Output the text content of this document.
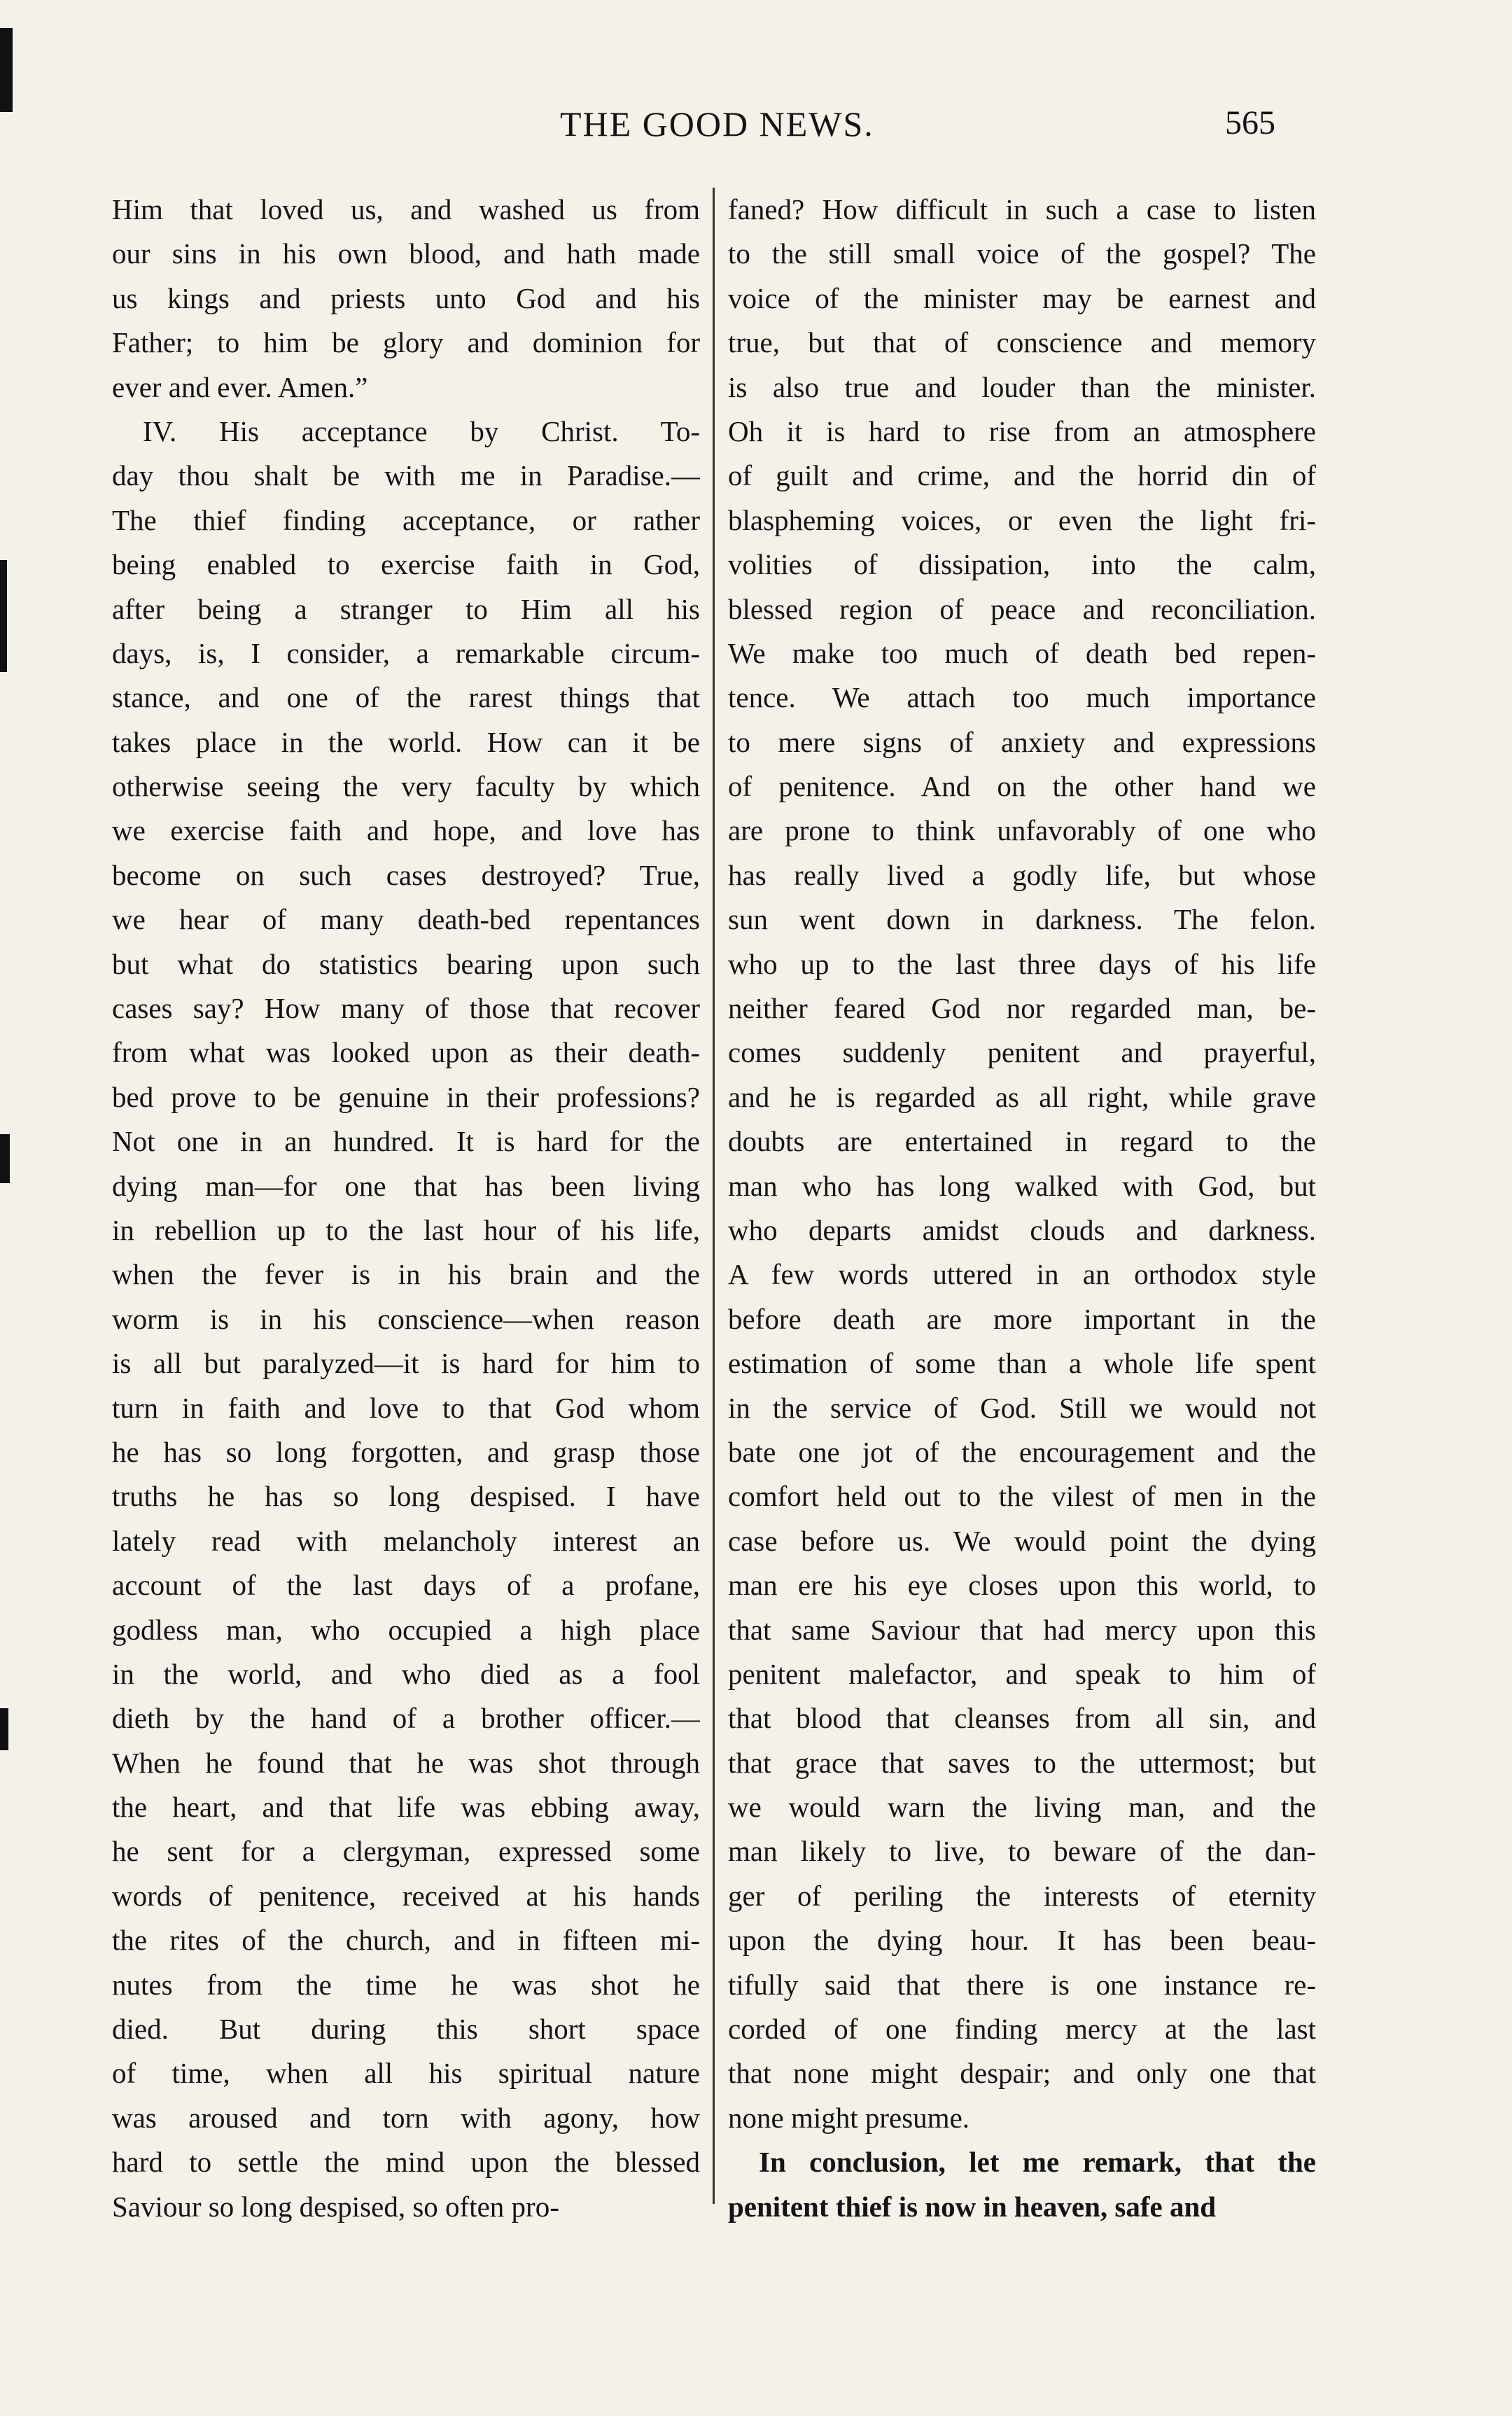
THE GOOD NEWS.	565
Him that loved us, and washed us from
our sins in his own blood, and hath made
us kings and priests unto God and his
Father; to him be glory and dominion for
ever and ever. Amen.”
IV. His acceptance by Christ. To-
day thou shalt be with me in Paradise.—
The thief finding acceptance, or rather
being enabled to exercise faith in God,
after being a stranger to Him all his
days, is, I consider, a remarkable circum-
stance, and one of the rarest things that
takes place in the world. How can it be
otherwise seeing the very faculty by which
we exercise faith and hope, and love has
become on such cases destroyed? True,
we hear of many death-bed repentances
but what do statistics bearing upon such
cases say? How many of those that recover
from what was looked upon as their death-
bed prove to be genuine in their professions?
Not one in an hundred. It is hard for the
dying man—for one that has been living
in rebellion up to the last hour of his life,
when the fever is in his brain and the
worm is in his conscience—when reason
is all but paralyzed—it is hard for him to
turn in faith and love to that God whom
he has so long forgotten, and grasp those
truths he has so long despised. I have
lately read with melancholy interest an
account of the last days of a profane,
godless man, who occupied a high place
in the world, and who died as a fool
dieth by the hand of a brother officer.—
When he found that he was shot through
the heart, and that life was ebbing away,
he sent for a clergyman, expressed some
words of penitence, received at his hands
the rites of the church, and in fifteen mi-
nutes from the time he was shot he
died. But during this short space
of time, when all his spiritual nature
was aroused and torn with agony, how
hard to settle the mind upon the blessed
Saviour so long despised, so often pro-
faned? How difficult in such a case to listen
to the still small voice of the gospel? The
voice of the minister may be earnest and
true, but that of conscience and memory
is also true and louder than the minister.
Oh it is hard to rise from an atmosphere
of guilt and crime, and the horrid din of
blaspheming voices, or even the light fri-
volities of dissipation, into the calm,
blessed region of peace and reconciliation.
We make too much of death bed repen-
tence. We attach too much importance
to mere signs of anxiety and expressions
of penitence. And on the other hand we
are prone to think unfavorably of one who
has really lived a godly life, but whose
sun went down in darkness. The felon.
who up to the last three days of his life
neither feared God nor regarded man, be-
comes suddenly penitent and prayerful,
and he is regarded as all right, while grave
doubts are entertained in regard to the
man who has long walked with God, but
who departs amidst clouds and darkness.
A few words uttered in an orthodox style
before death are more important in the
estimation of some than a whole life spent
in the service of God. Still we would not
bate one jot of the encouragement and the
comfort held out to the vilest of men in the
case before us. We would point the dying
man ere his eye closes upon this world, to
that same Saviour that had mercy upon this
penitent malefactor, and speak to him of
that blood that cleanses from all sin, and
that grace that saves to the uttermost; but
we would warn the living man, and the
man likely to live, to beware of the dan-
ger of periling the interests of eternity
upon the dying hour. It has been beau-
tifully said that there is one instance re-
corded of one finding mercy at the last
that none might despair; and only one that
none might presume.
In conclusion, let me remark, that the
penitent thief is now in heaven, safe and
